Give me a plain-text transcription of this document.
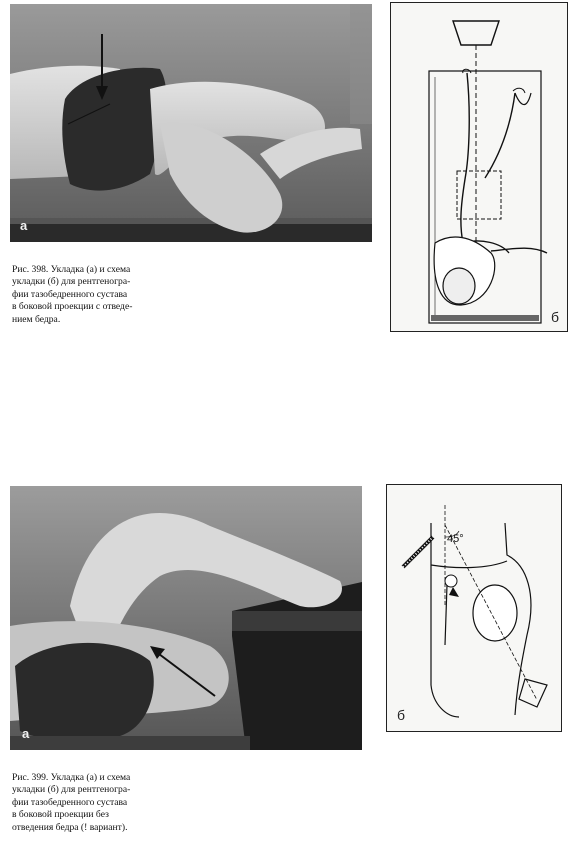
а
Рис. 398. Укладка (а) и схема
укладки (б) для рентгеногра-
фии тазобедренного сустава
в боковой проекции с отведе-
нием бедра.	б
а
Рис. 399. Укладка (а) и схема
укладки (б) для рентгеногра-
фии тазобедренного сустава
в боковой проекции без
отведения бедра (! вариант).
45°
б
